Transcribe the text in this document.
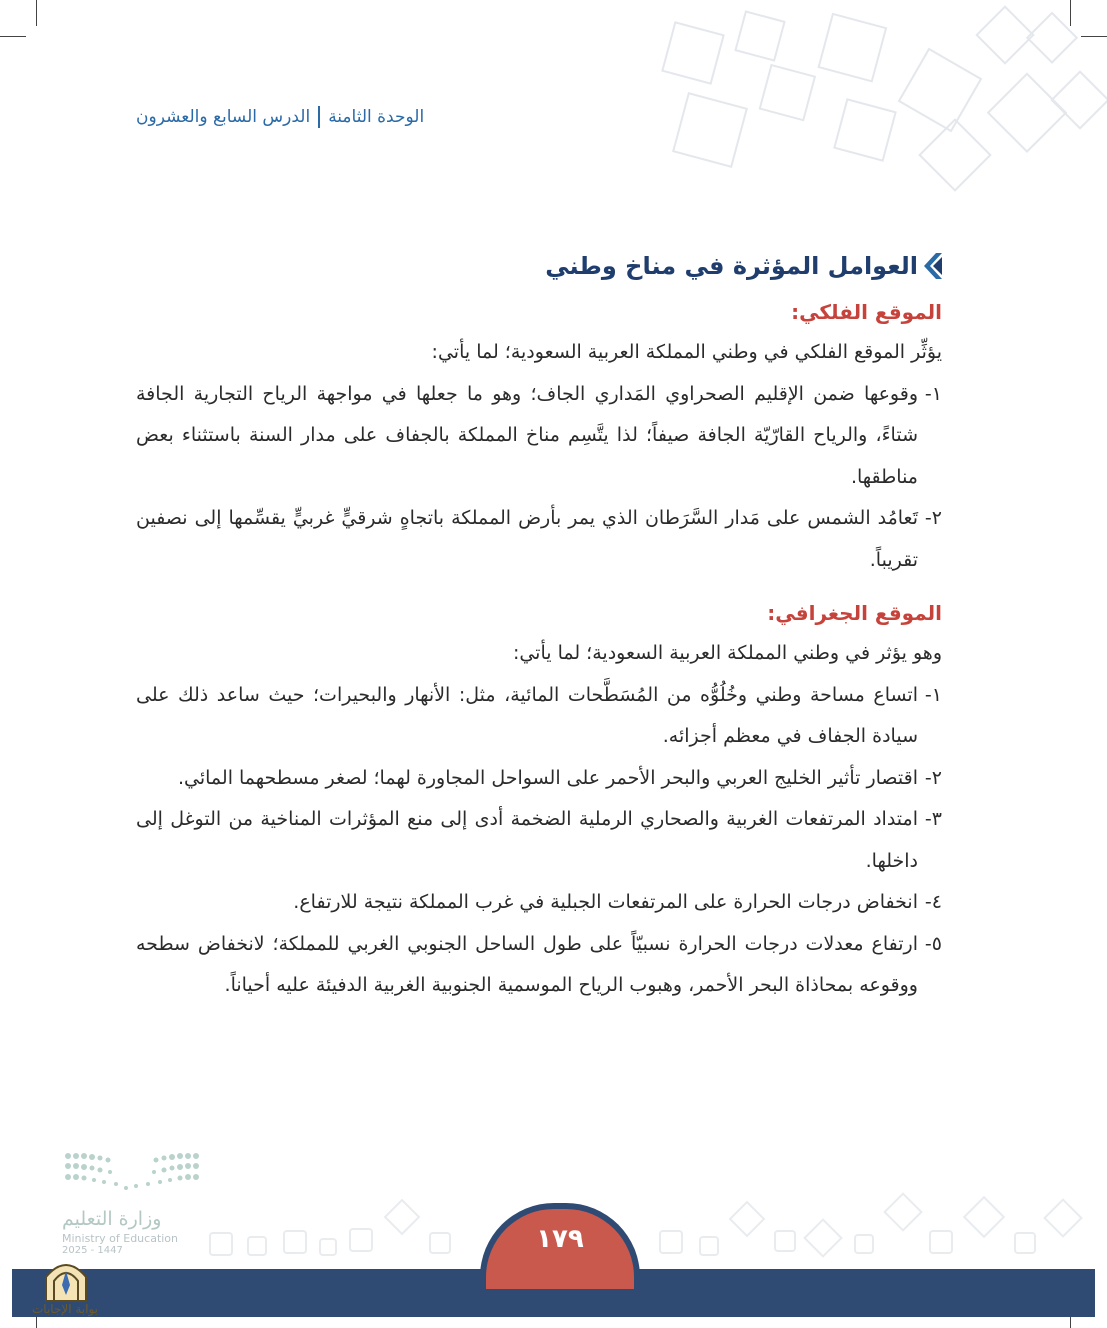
الوحدة الثامنة
الدرس السابع والعشرون
العوامل المؤثرة في مناخ وطني
الموقع الفلكي:

يؤثِّر الموقع الفلكي في وطني المملكة العربية السعودية؛ لما يأتي:

١-
وقوعها ضمن الإقليم الصحراوي المَداري الجاف؛ وهو ما جعلها في مواجهة الرياح التجارية الجافة شتاءً، والرياح القارّيّة الجافة صيفاً؛ لذا يتَّسِم مناخ المملكة بالجفاف على مدار السنة باستثناء بعض مناطقها.
٢-
تَعامُد الشمس على مَدار السَّرَطان الذي يمر بأرض المملكة باتجاهٍ شرقيٍّ غربيٍّ يقسِّمها إلى نصفين تقريباً.
الموقع الجغرافي:

وهو يؤثر في وطني المملكة العربية السعودية؛ لما يأتي:

١-
اتساع مساحة وطني وخُلُوُّه من المُسَطَّحات المائية، مثل: الأنهار والبحيرات؛ حيث ساعد ذلك على سيادة الجفاف في معظم أجزائه.
٢-
اقتصار تأثير الخليج العربي والبحر الأحمر على السواحل المجاورة لهما؛ لصغر مسطحهما المائي.
٣-
امتداد المرتفعات الغربية والصحاري الرملية الضخمة أدى إلى منع المؤثرات المناخية من التوغل إلى داخلها.
٤-
انخفاض درجات الحرارة على المرتفعات الجبلية في غرب المملكة نتيجة للارتفاع.
٥-
ارتفاع معدلات درجات الحرارة نسبيّاً على طول الساحل الجنوبي الغربي للمملكة؛ لانخفاض سطحه ووقوعه بمحاذاة البحر الأحمر، وهبوب الرياح الموسمية الجنوبية الغربية الدفيئة عليه أحياناً.
١٧٩
وزارة التعليم
Ministry of Education
2025 - 1447
بوابة الإجابات
